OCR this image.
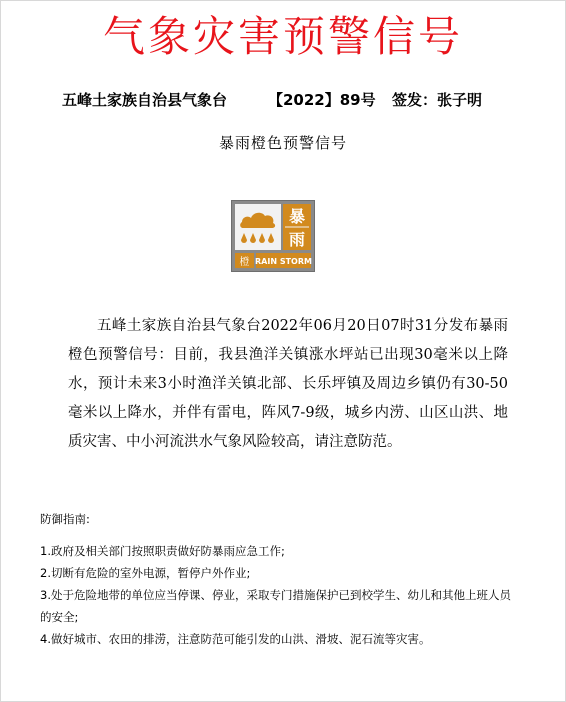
气象灾害预警信号
五峰土家族自治县气象台	【2022】89号 签发：张子明
暴雨橙色预警信号
暴
雨
橙 RAIN STORM

五峰土家族自治县气象台2022年06月20日07时31分发布暴雨橙色预警信号：目前，我县渔洋关镇涨水坪站已出现30毫米以上降水，预计未来3小时渔洋关镇北部、长乐坪镇及周边乡镇仍有30-50毫米以上降水，并伴有雷电，阵风7-9级，城乡内涝、山区山洪、地质灾害、中小河流洪水气象风险较高，请注意防范。

防御指南:

1.政府及相关部门按照职责做好防暴雨应急工作;

2.切断有危险的室外电源，暂停户外作业;

3.处于危险地带的单位应当停课、停业，采取专门措施保护已到校学生、幼儿和其他上班人员的安全;

4.做好城市、农田的排涝，注意防范可能引发的山洪、滑坡、泥石流等灾害。
